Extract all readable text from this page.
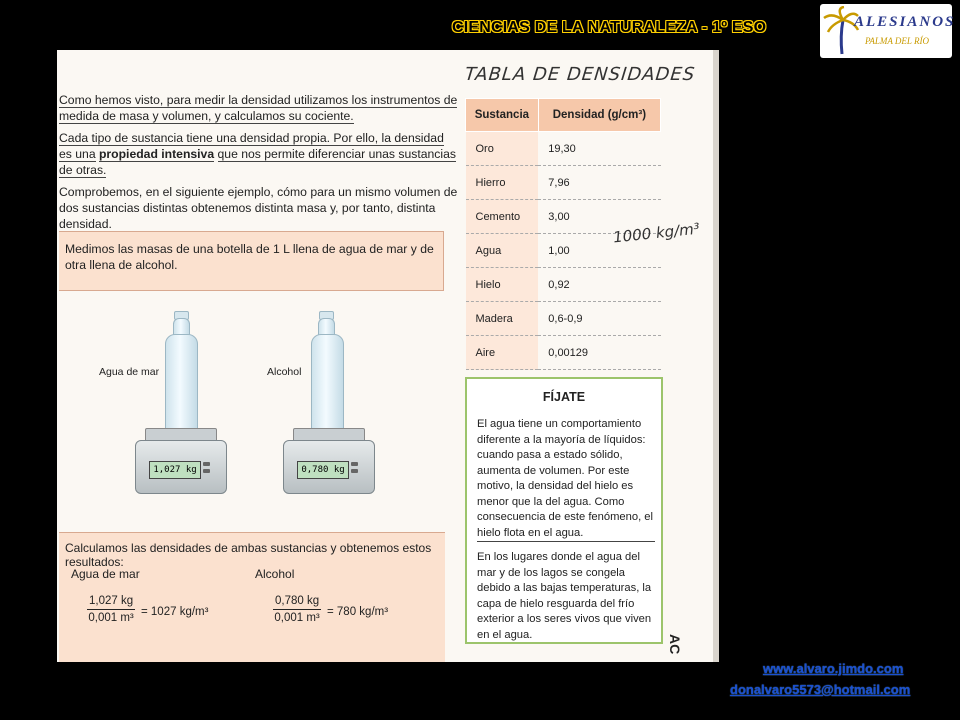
CIENCIAS DE LA NATURALEZA - 1º ESO	ALESIANOS
PALMA DEL RÍO

Como hemos visto, para medir la densidad utilizamos los instrumentos de medida de masa y volumen, y calculamos su cociente.

Cada tipo de sustancia tiene una densidad propia. Por ello, la densidad es una propiedad intensiva que nos permite diferenciar unas sustancias de otras.

Comprobemos, en el siguiente ejemplo, cómo para un mismo volumen de dos sustancias distintas obtenemos distinta masa y, por tanto, distinta densidad.

Medimos las masas de una botella de 1 L llena de agua de mar y de otra llena de alcohol.
Agua de mar
1,027 kg
Alcohol
0,780 kg
Calculamos las densidades de ambas sustancias y obtenemos estos resultados:
Agua de mar	Alcohol
$\frac{1,027 kg}{\text{0,001 m³}} = 1027$ kg/m³	$\frac{0,780 kg}{\text{0,001 m³}} = 780$ kg/m³
TABLA DE DENSIDADES
Sustancia	Densidad (g/cm³)
Oro	19,30
Hierro	7,96
Cemento	3,00
Agua	1,00
Hielo	0,92
Madera	0,6-0,9
Aire	0,00129
1000 kg/m³
FÍJATE

El agua tiene un comportamiento diferente a la mayoría de líquidos: cuando pasa a estado sólido, aumenta de volumen. Por este motivo, la densidad del hielo es menor que la del agua. Como consecuencia de este fenómeno, el hielo flota en el agua.

En los lugares donde el agua del mar y de los lagos se congela debido a las bajas temperaturas, la capa de hielo resguarda del frío exterior a los seres vivos que viven en el agua.	AC
www.alvaro.jimdo.com
donalvaro5573@hotmail.com
